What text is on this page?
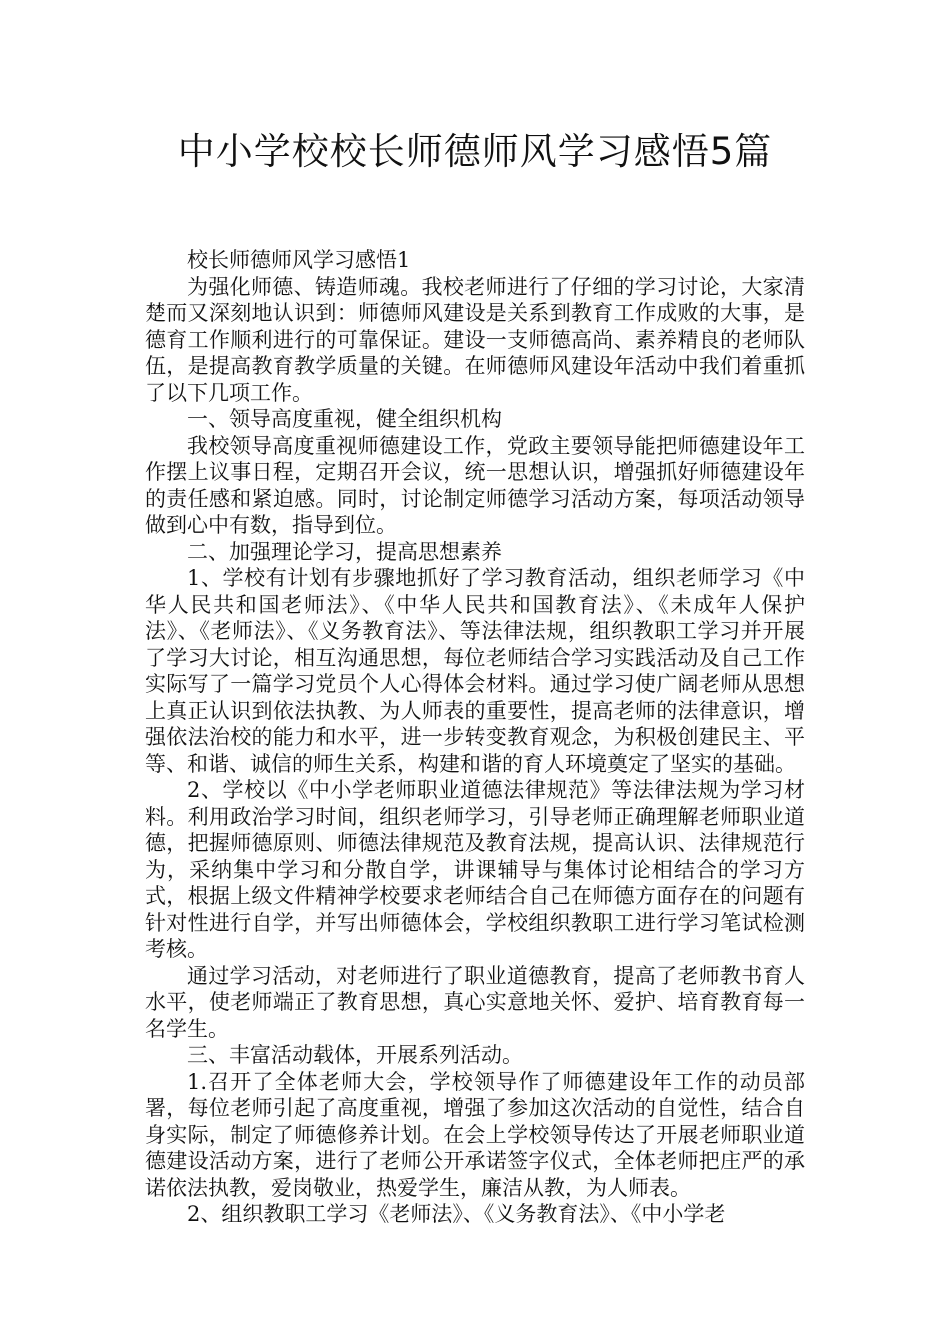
中小学校校长师德师风学习感悟5篇

校长师德师风学习感悟1

为强化师德、铸造师魂。我校老师进行了仔细的学习讨论，大家清楚而又深刻地认识到：师德师风建设是关系到教育工作成败的大事，是德育工作顺利进行的可靠保证。建设一支师德高尚、素养精良的老师队伍，是提高教育教学质量的关键。在师德师风建设年活动中我们着重抓了以下几项工作。

一、领导高度重视，健全组织机构

我校领导高度重视师德建设工作，党政主要领导能把师德建设年工作摆上议事日程，定期召开会议，统一思想认识，增强抓好师德建设年的责任感和紧迫感。同时，讨论制定师德学习活动方案，每项活动领导做到心中有数，指导到位。

二、加强理论学习，提高思想素养

1、学校有计划有步骤地抓好了学习教育活动，组织老师学习《中华人民共和国老师法》、《中华人民共和国教育法》、《未成年人保护法》、《老师法》、《义务教育法》、等法律法规，组织教职工学习并开展了学习大讨论，相互沟通思想，每位老师结合学习实践活动及自己工作实际写了一篇学习党员个人心得体会材料。通过学习使广阔老师从思想上真正认识到依法执教、为人师表的重要性，提高老师的法律意识，增强依法治校的能力和水平，进一步转变教育观念，为积极创建民主、平等、和谐、诚信的师生关系，构建和谐的育人环境奠定了坚实的基础。

2、学校以《中小学老师职业道德法律规范》等法律法规为学习材料。利用政治学习时间，组织老师学习，引导老师正确理解老师职业道德，把握师德原则、师德法律规范及教育法规，提高认识、法律规范行为，采纳集中学习和分散自学，讲课辅导与集体讨论相结合的学习方式，根据上级文件精神学校要求老师结合自己在师德方面存在的问题有针对性进行自学，并写出师德体会，学校组织教职工进行学习笔试检测考核。

通过学习活动，对老师进行了职业道德教育，提高了老师教书育人水平，使老师端正了教育思想，真心实意地关怀、爱护、培育教育每一名学生。

三、丰富活动载体，开展系列活动。

1.召开了全体老师大会，学校领导作了师德建设年工作的动员部署，每位老师引起了高度重视，增强了参加这次活动的自觉性，结合自身实际，制定了师德修养计划。在会上学校领导传达了开展老师职业道德建设活动方案，进行了老师公开承诺签字仪式，全体老师把庄严的承诺依法执教，爱岗敬业，热爱学生，廉洁从教，为人师表。

2、组织教职工学习《老师法》、《义务教育法》、《中小学老
